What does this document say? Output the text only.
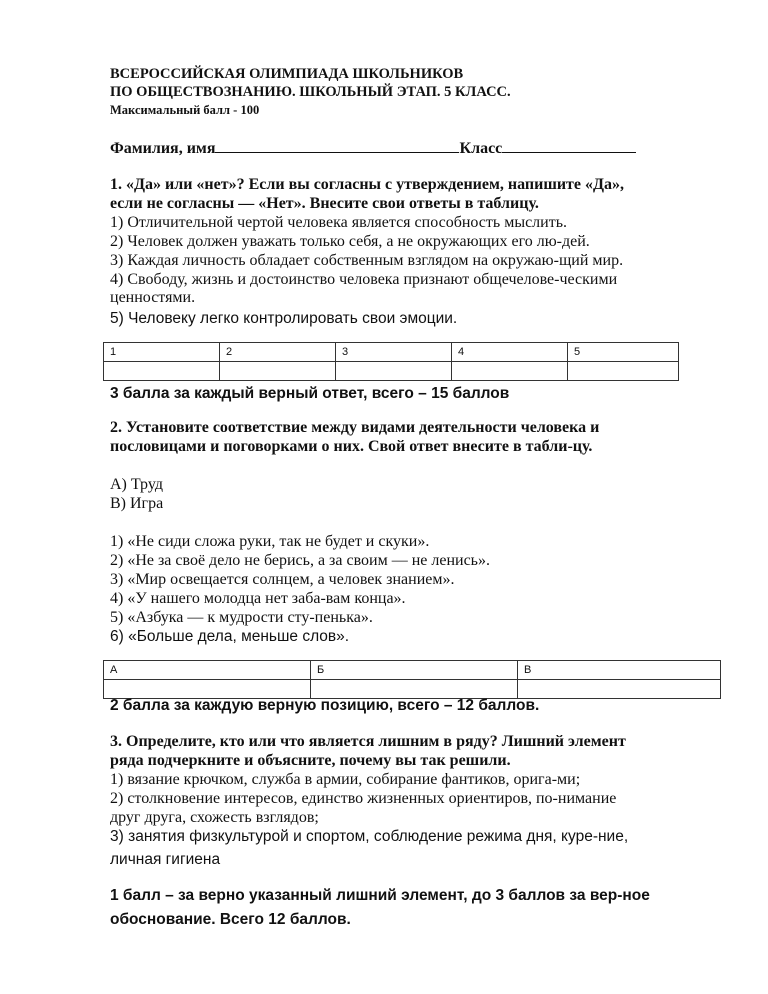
ВСЕРОССИЙСКАЯ ОЛИМПИАДА ШКОЛЬНИКОВ
ПО ОБЩЕСТВОЗНАНИЮ. ШКОЛЬНЫЙ ЭТАП. 5 КЛАСС.
Максимальный балл - 100
Фамилия, имя	Класс
1. «Да» или «нет»? Если вы согласны с утверждением, напишите «Да»,
если не согласны — «Нет». Внесите свои ответы в таблицу.
1) Отличительной чертой человека является способность мыслить.
2) Человек должен уважать только себя, а не окружающих его лю-дей.
3) Каждая личность обладает собственным взглядом на окружаю-щий мир.
4) Свободу, жизнь и достоинство человека признают общечелове-ческими
ценностями.
5) Человеку легко контролировать свои эмоции.
1	2	3	4	5

3 балла за каждый верный ответ, всего – 15 баллов
2. Установите соответствие между видами деятельности человека и
пословицами и поговорками о них. Свой ответ внесите в табли-цу.
А) Труд
В) Игра
1) «Не сиди сложа руки, так не будет и скуки».
2) «Не за своё дело не берись, а за своим — не ленись».
3) «Мир освещается солнцем, а человек знанием».
4) «У нашего молодца нет заба-вам конца».
5) «Азбука — к мудрости сту-пенька».
6) «Больше дела, меньше слов».
А	Б	В

2 балла за каждую верную позицию, всего – 12 баллов.
3. Определите, кто или что является лишним в ряду? Лишний элемент
ряда подчеркните и объясните, почему вы так решили.
1) вязание крючком, служба в армии, собирание фантиков, орига-ми;
2) столкновение интересов, единство жизненных ориентиров, по-нимание
друг друга, схожесть взглядов;
3) занятия физкультурой и спортом, соблюдение режима дня, куре-ние,
личная гигиена
1 балл – за верно указанный лишний элемент, до 3 баллов за вер-ное
обоснование. Всего 12 баллов.
